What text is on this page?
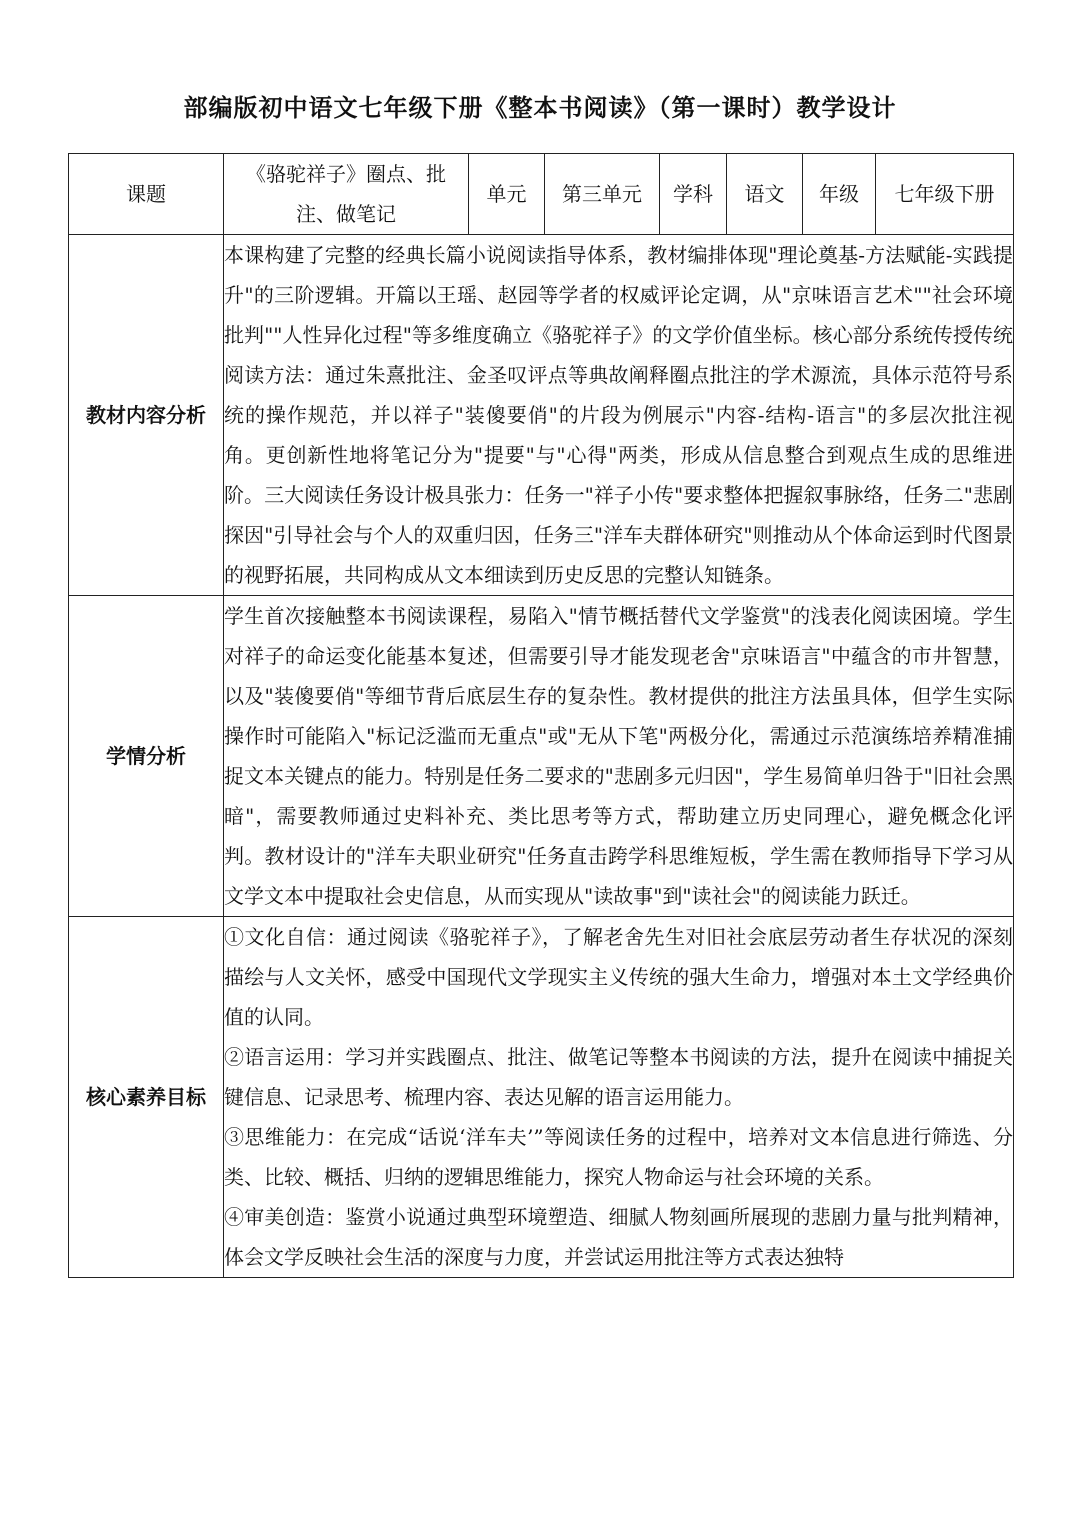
部编版初中语文七年级下册《整本书阅读》（第一课时）教学设计
课题	《骆驼祥子》圈点、批注、做笔记	单元	第三单元	学科	语文	年级	七年级下册
教材内容分析	本课构建了完整的经典长篇小说阅读指导体系，教材编排体现"理论奠基-方法赋能-实践提升"的三阶逻辑。开篇以王瑶、赵园等学者的权威评论定调，从"京味语言艺术""社会环境批判""人性异化过程"等多维度确立《骆驼祥子》的文学价值坐标。核心部分系统传授传统阅读方法：通过朱熹批注、金圣叹评点等典故阐释圈点批注的学术源流，具体示范符号系统的操作规范，并以祥子"装傻要俏"的片段为例展示"内容-结构-语言"的多层次批注视角。更创新性地将笔记分为"提要"与"心得"两类，形成从信息整合到观点生成的思维进阶。三大阅读任务设计极具张力：任务一"祥子小传"要求整体把握叙事脉络，任务二"悲剧探因"引导社会与个人的双重归因，任务三"洋车夫群体研究"则推动从个体命运到时代图景的视野拓展，共同构成从文本细读到历史反思的完整认知链条。						

学情分析	学生首次接触整本书阅读课程，易陷入"情节概括替代文学鉴赏"的浅表化阅读困境。学生对祥子的命运变化能基本复述，但需要引导才能发现老舍"京味语言"中蕴含的市井智慧，以及"装傻要俏"等细节背后底层生存的复杂性。教材提供的批注方法虽具体，但学生实际操作时可能陷入"标记泛滥而无重点"或"无从下笔"两极分化，需通过示范演练培养精准捕捉文本关键点的能力。特别是任务二要求的"悲剧多元归因"，学生易简单归咎于"旧社会黑暗"，需要教师通过史料补充、类比思考等方式，帮助建立历史同理心，避免概念化评判。教材设计的"洋车夫职业研究"任务直击跨学科思维短板，学生需在教师指导下学习从文学文本中提取社会史信息，从而实现从"读故事"到"读社会"的阅读能力跃迁。						

核心素养目标	①文化自信：通过阅读《骆驼祥子》，了解老舍先生对旧社会底层劳动者生存状况的深刻描绘与人文关怀，感受中国现代文学现实主义传统的强大生命力，增强对本土文学经典价值的认同。

②语言运用：学习并实践圈点、批注、做笔记等整本书阅读的方法，提升在阅读中捕捉关键信息、记录思考、梳理内容、表达见解的语言运用能力。

③思维能力：在完成“话说‘洋车夫’”等阅读任务的过程中，培养对文本信息进行筛选、分类、比较、概括、归纳的逻辑思维能力，探究人物命运与社会环境的关系。

④审美创造：鉴赏小说通过典型环境塑造、细腻人物刻画所展现的悲剧力量与批判精神，体会文学反映社会生活的深度与力度，并尝试运用批注等方式表达独特						
